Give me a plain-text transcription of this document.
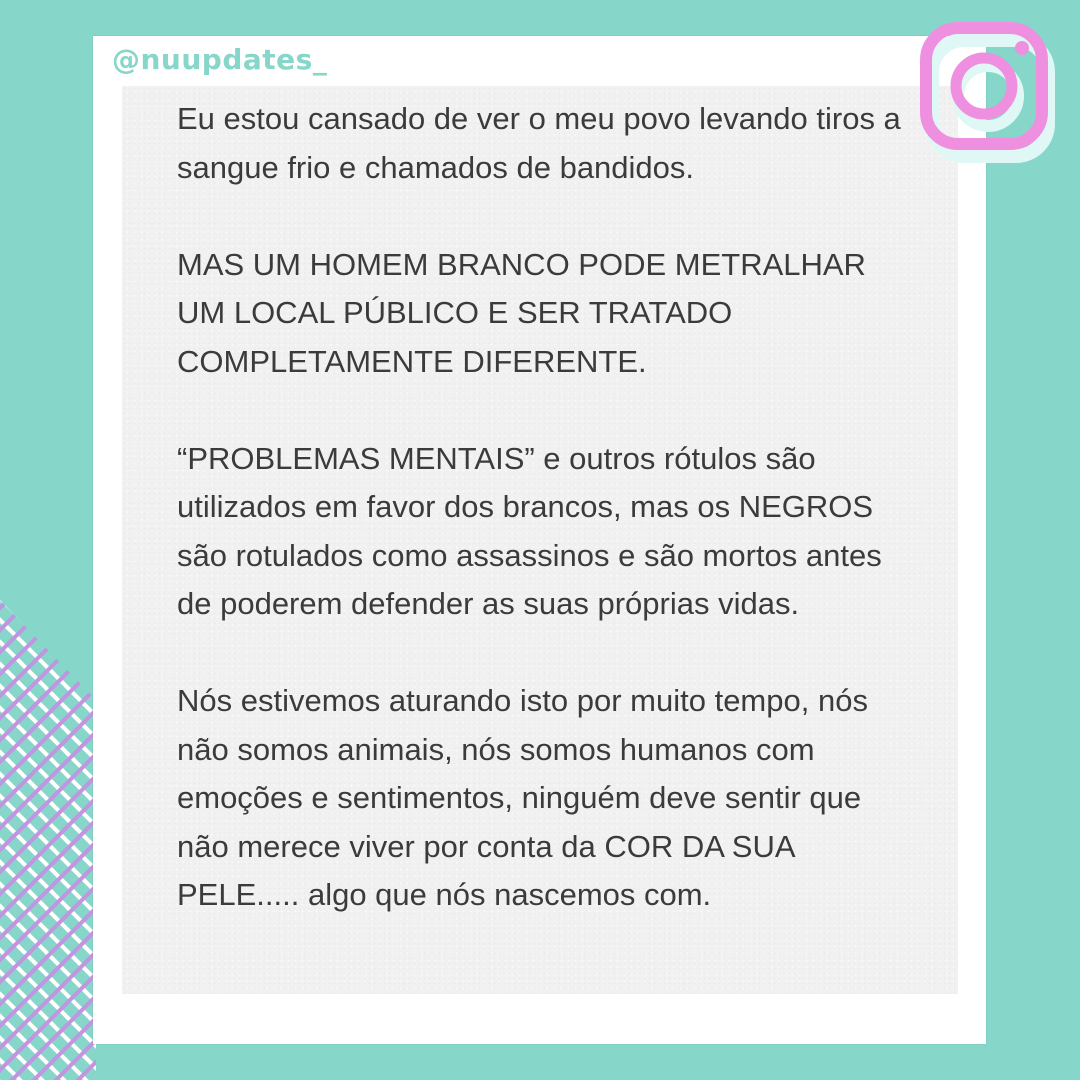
@nuupdates_

Eu estou cansado de ver o meu povo levando tiros a sangue frio e chamados de bandidos.

MAS UM HOMEM BRANCO PODE METRALHAR UM LOCAL PÚBLICO E SER TRATADO COMPLETAMENTE DIFERENTE.

“PROBLEMAS MENTAIS” e outros rótulos são utilizados em favor dos brancos, mas os NEGROS são rotulados como assassinos e são mortos antes de poderem defender as suas próprias vidas.

Nós estivemos aturando isto por muito tempo, nós não somos animais, nós somos humanos com emoções e sentimentos, ninguém deve sentir que não merece viver por conta da COR DA SUA PELE..... algo que nós nascemos com.
